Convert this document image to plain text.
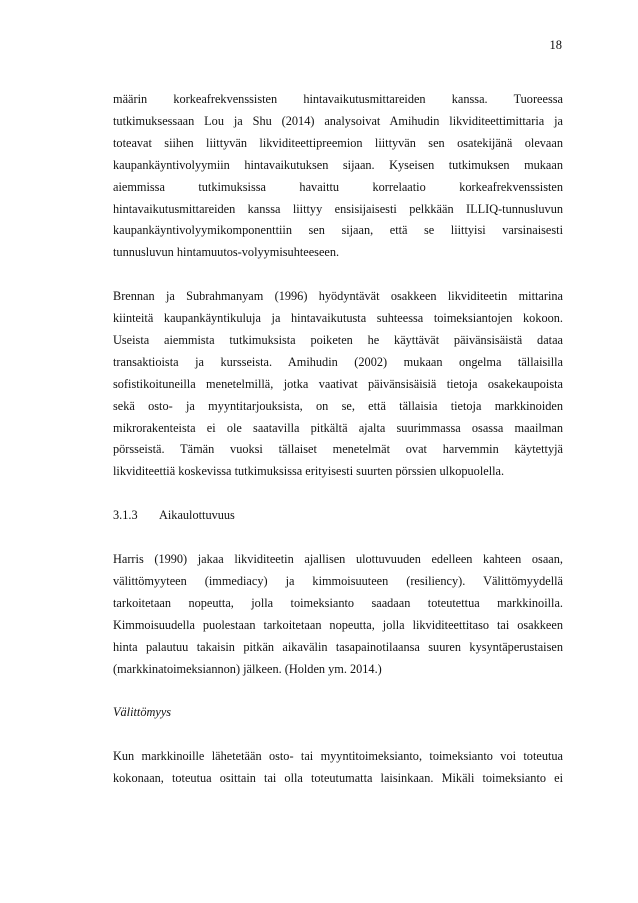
18

määrin korkeafrekvenssisten hintavaikutusmittareiden kanssa. Tuoreessa
tutkimuksessaan Lou ja Shu (2014) analysoivat Amihudin likviditeettimittaria ja
toteavat siihen liittyvän likviditeettipreemion liittyvän sen osatekijänä olevaan
kaupankäyntivolyymiin hintavaikutuksen sijaan. Kyseisen tutkimuksen mukaan
aiemmissa tutkimuksissa havaittu korrelaatio korkeafrekvenssisten
hintavaikutusmittareiden kanssa liittyy ensisijaisesti pelkkään ILLIQ-tunnusluvun
kaupankäyntivolyymikomponenttiin sen sijaan, että se liittyisi varsinaisesti
tunnusluvun hintamuutos-volyymisuhteeseen.

Brennan ja Subrahmanyam (1996) hyödyntävät osakkeen likviditeetin mittarina
kiinteitä kaupankäyntikuluja ja hintavaikutusta suhteessa toimeksiantojen kokoon.
Useista aiemmista tutkimuksista poiketen he käyttävät päivänsisäistä dataa
transaktioista ja kursseista. Amihudin (2002) mukaan ongelma tällaisilla
sofistikoituneilla menetelmillä, jotka vaativat päivänsisäisiä tietoja osakekaupoista
sekä osto- ja myyntitarjouksista, on se, että tällaisia tietoja markkinoiden
mikrorakenteista ei ole saatavilla pitkältä ajalta suurimmassa osassa maailman
pörsseistä. Tämän vuoksi tällaiset menetelmät ovat harvemmin käytettyjä
likviditeettiä koskevissa tutkimuksissa erityisesti suurten pörssien ulkopuolella.

3.1.3 Aikaulottuvuus

Harris (1990) jakaa likviditeetin ajallisen ulottuvuuden edelleen kahteen osaan,
välittömyyteen (immediacy) ja kimmoisuuteen (resiliency). Välittömyydellä
tarkoitetaan nopeutta, jolla toimeksianto saadaan toteutettua markkinoilla.
Kimmoisuudella puolestaan tarkoitetaan nopeutta, jolla likviditeettitaso tai osakkeen
hinta palautuu takaisin pitkän aikavälin tasapainotilaansa suuren kysyntäperustaisen
(markkinatoimeksiannon) jälkeen. (Holden ym. 2014.)

Välittömyys

Kun markkinoille lähetetään osto- tai myyntitoimeksianto, toimeksianto voi toteutua
kokonaan, toteutua osittain tai olla toteutumatta laisinkaan. Mikäli toimeksianto ei
